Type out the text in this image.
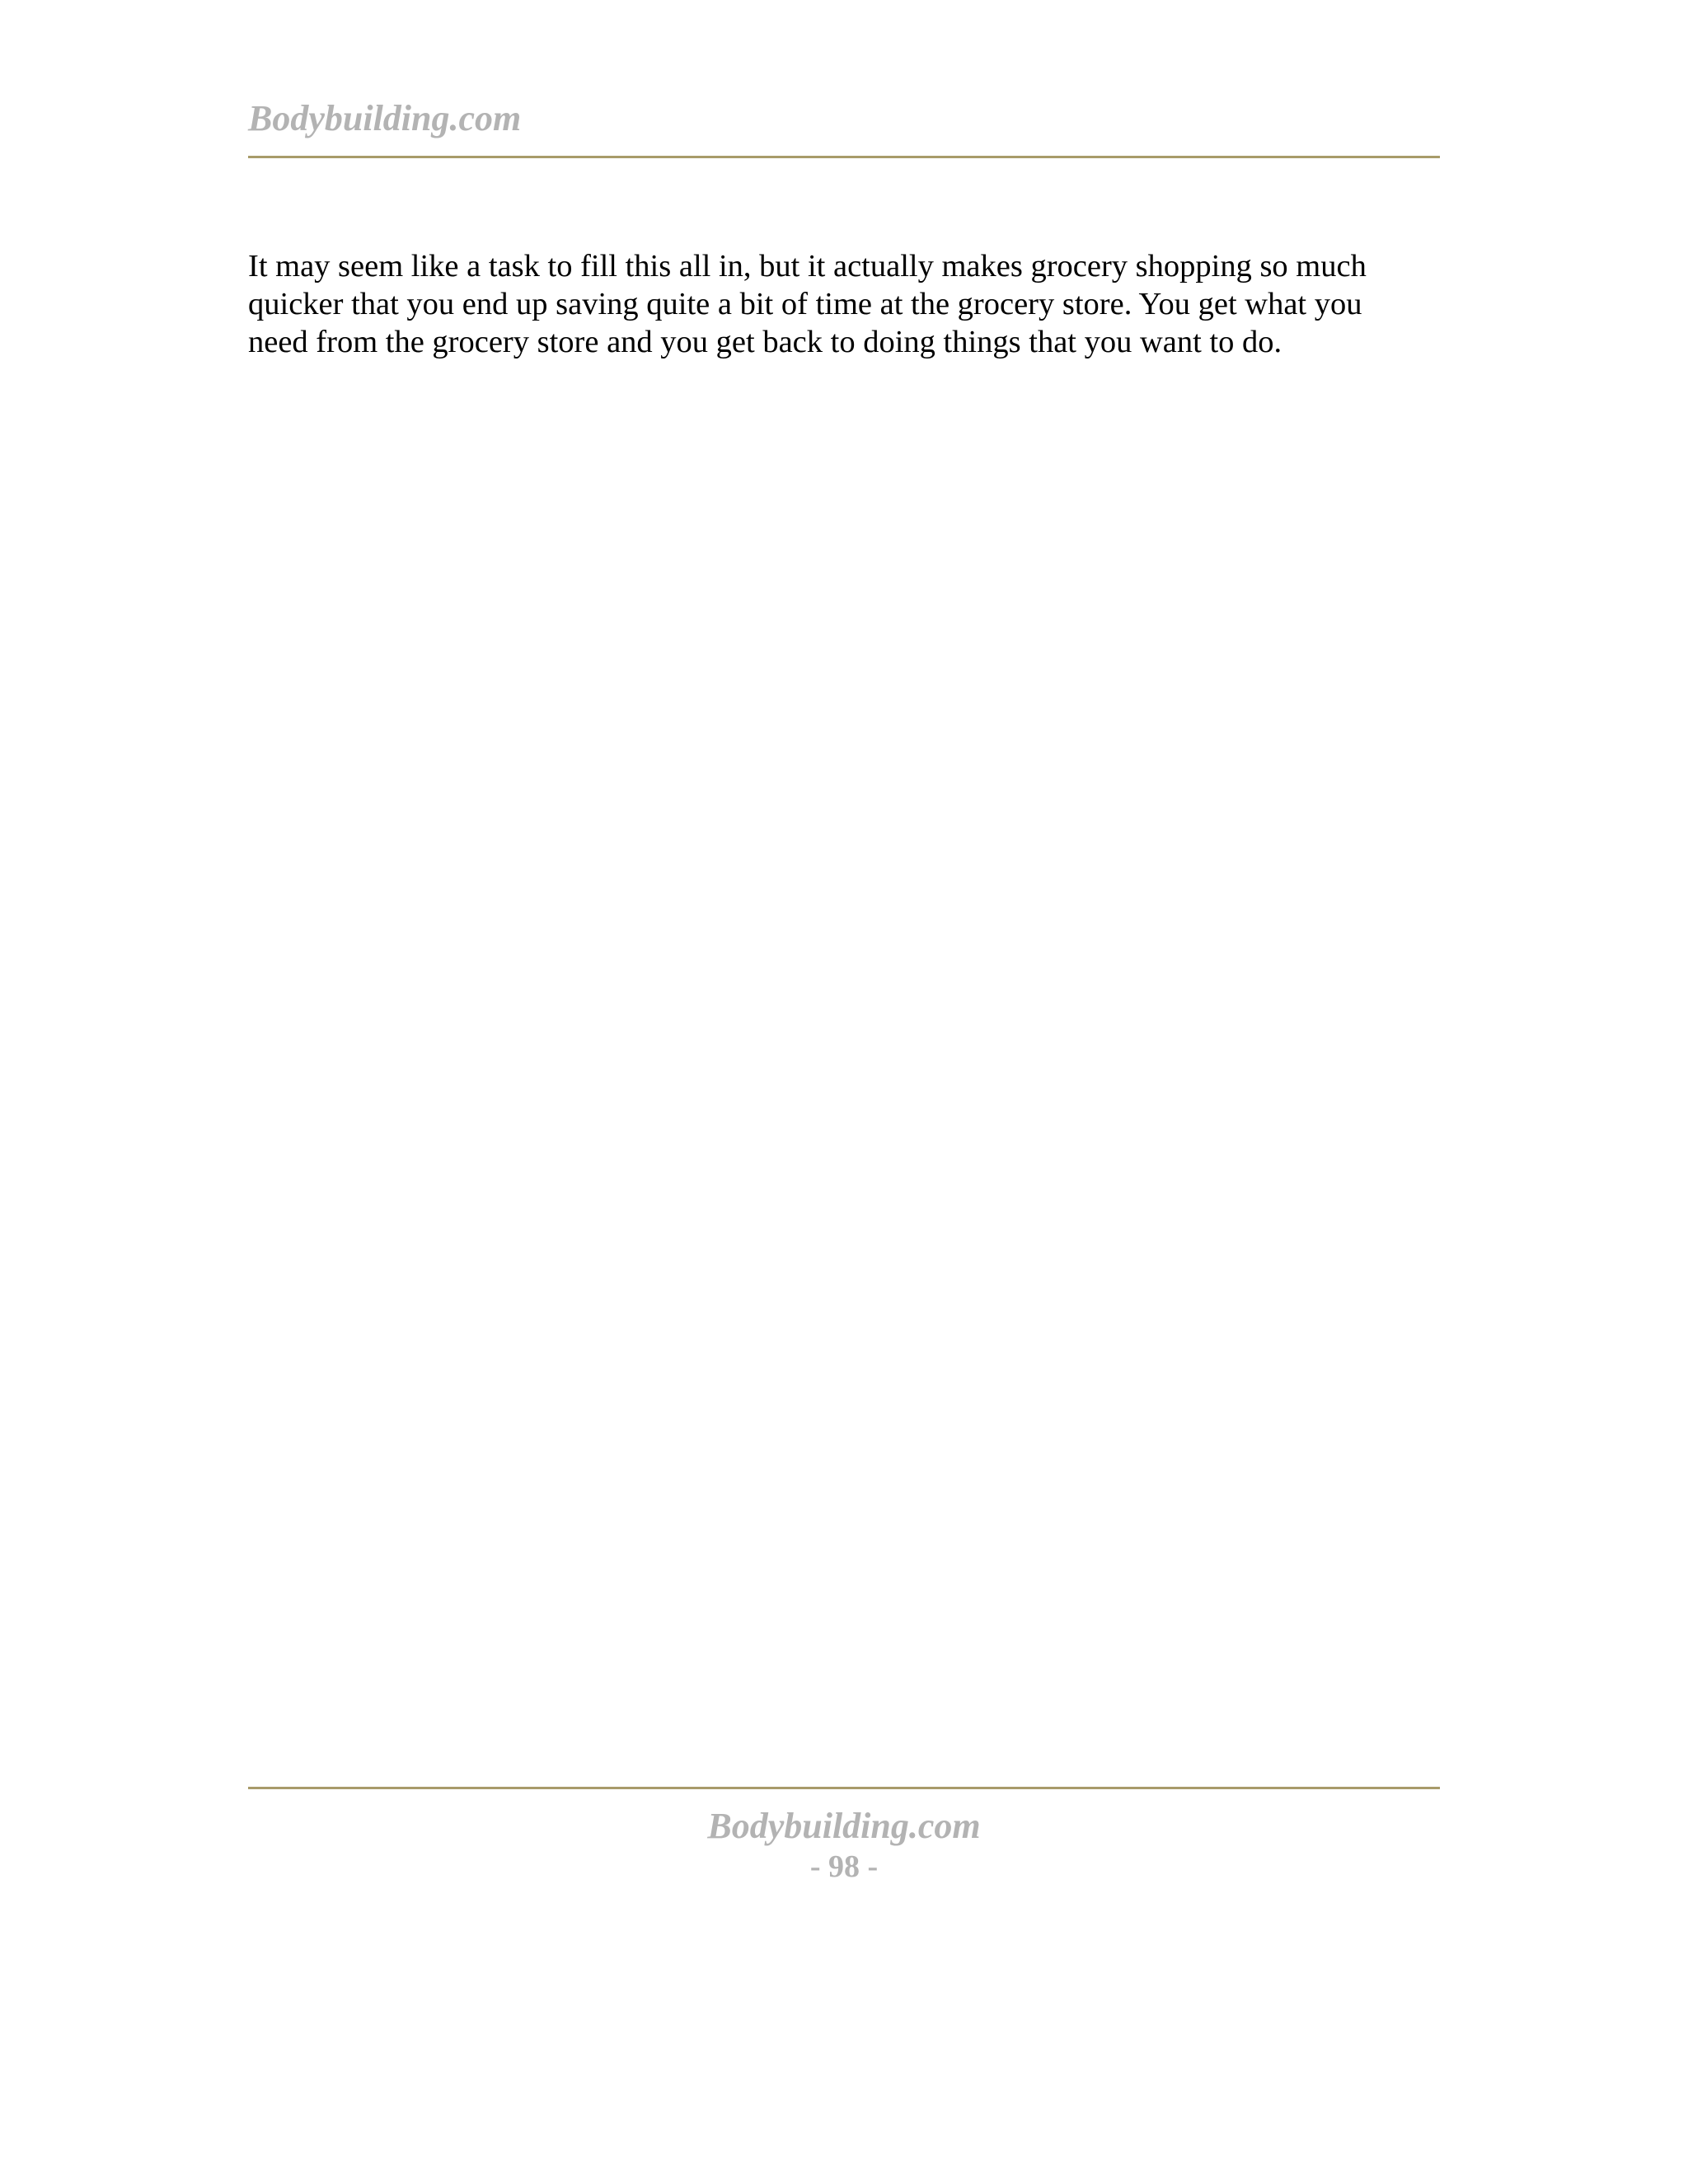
Bodybuilding.com

It may seem like a task to fill this all in, but it actually makes grocery shopping so much
quicker that you end up saving quite a bit of time at the grocery store. You get what you
need from the grocery store and you get back to doing things that you want to do.

Bodybuilding.com
- 98 -
